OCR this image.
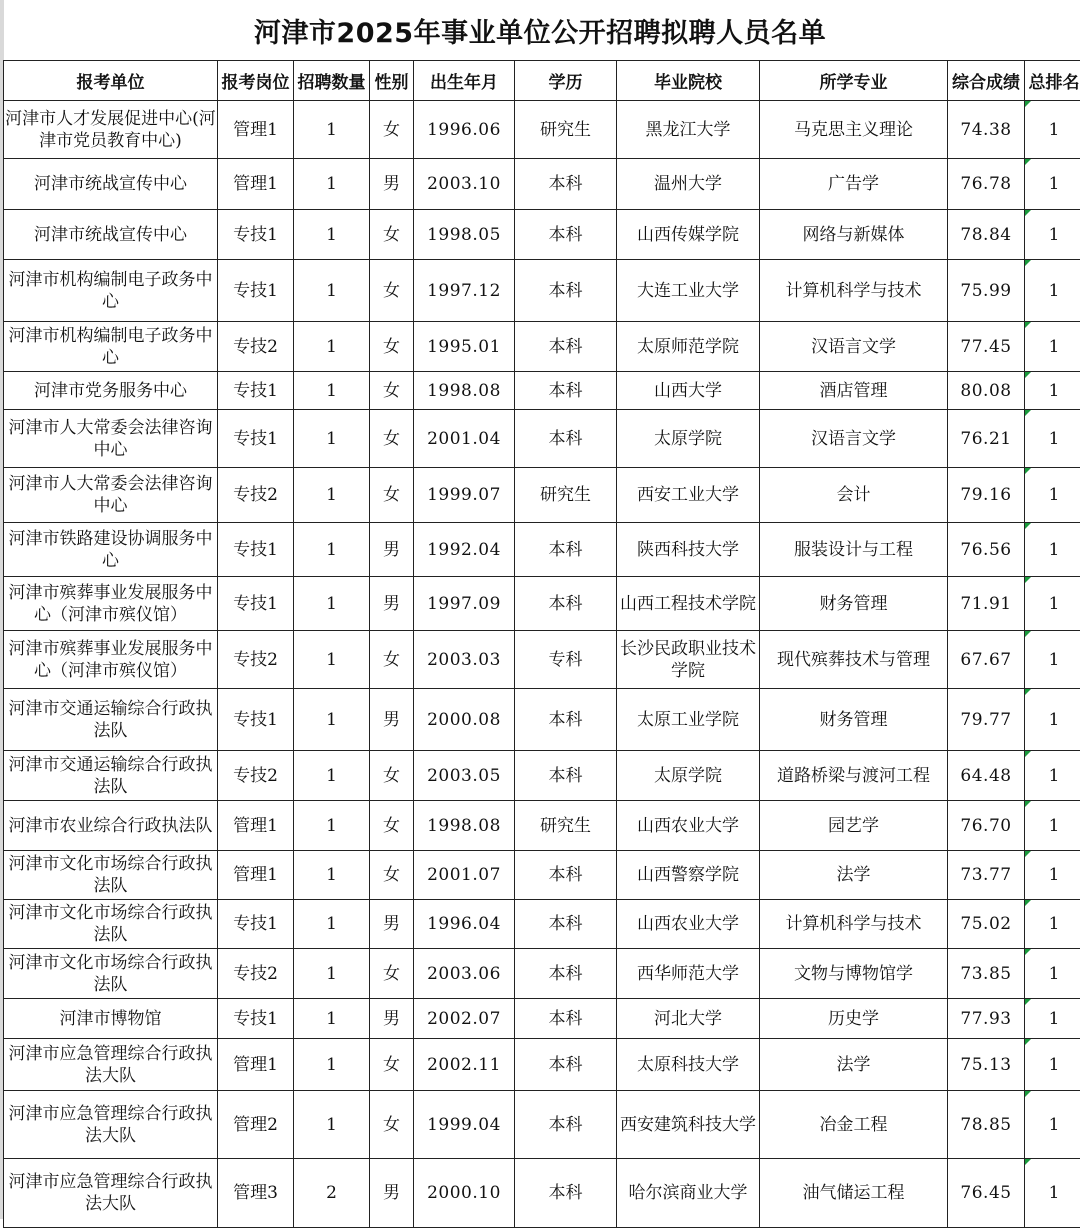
河津市2025年事业单位公开招聘拟聘人员名单
报考单位	报考岗位	招聘数量	性别	出生年月	学历	毕业院校	所学专业	综合成绩	总排名
河津市人才发展促进中心(河津市党员教育中心)	管理1	1	女	1996.06	研究生	黑龙江大学	马克思主义理论	74.38	1

河津市统战宣传中心	管理1	1	男	2003.10	本科	温州大学	广告学	76.78	1

河津市统战宣传中心	专技1	1	女	1998.05	本科	山西传媒学院	网络与新媒体	78.84	1

河津市机构编制电子政务中心	专技1	1	女	1997.12	本科	大连工业大学	计算机科学与技术	75.99	1

河津市机构编制电子政务中心	专技2	1	女	1995.01	本科	太原师范学院	汉语言文学	77.45	1

河津市党务服务中心	专技1	1	女	1998.08	本科	山西大学	酒店管理	80.08	1

河津市人大常委会法律咨询中心	专技1	1	女	2001.04	本科	太原学院	汉语言文学	76.21	1

河津市人大常委会法律咨询中心	专技2	1	女	1999.07	研究生	西安工业大学	会计	79.16	1

河津市铁路建设协调服务中心	专技1	1	男	1992.04	本科	陕西科技大学	服装设计与工程	76.56	1

河津市殡葬事业发展服务中心（河津市殡仪馆）	专技1	1	男	1997.09	本科	山西工程技术学院	财务管理	71.91	1

河津市殡葬事业发展服务中心（河津市殡仪馆）	专技2	1	女	2003.03	专科	长沙民政职业技术学院	现代殡葬技术与管理	67.67	1

河津市交通运输综合行政执法队	专技1	1	男	2000.08	本科	太原工业学院	财务管理	79.77	1

河津市交通运输综合行政执法队	专技2	1	女	2003.05	本科	太原学院	道路桥梁与渡河工程	64.48	1

河津市农业综合行政执法队	管理1	1	女	1998.08	研究生	山西农业大学	园艺学	76.70	1

河津市文化市场综合行政执法队	管理1	1	女	2001.07	本科	山西警察学院	法学	73.77	1

河津市文化市场综合行政执法队	专技1	1	男	1996.04	本科	山西农业大学	计算机科学与技术	75.02	1

河津市文化市场综合行政执法队	专技2	1	女	2003.06	本科	西华师范大学	文物与博物馆学	73.85	1

河津市博物馆	专技1	1	男	2002.07	本科	河北大学	历史学	77.93	1

河津市应急管理综合行政执法大队	管理1	1	女	2002.11	本科	太原科技大学	法学	75.13	1

河津市应急管理综合行政执法大队	管理2	1	女	1999.04	本科	西安建筑科技大学	冶金工程	78.85	1

河津市应急管理综合行政执法大队	管理3	2	男	2000.10	本科	哈尔滨商业大学	油气储运工程	76.45	1
